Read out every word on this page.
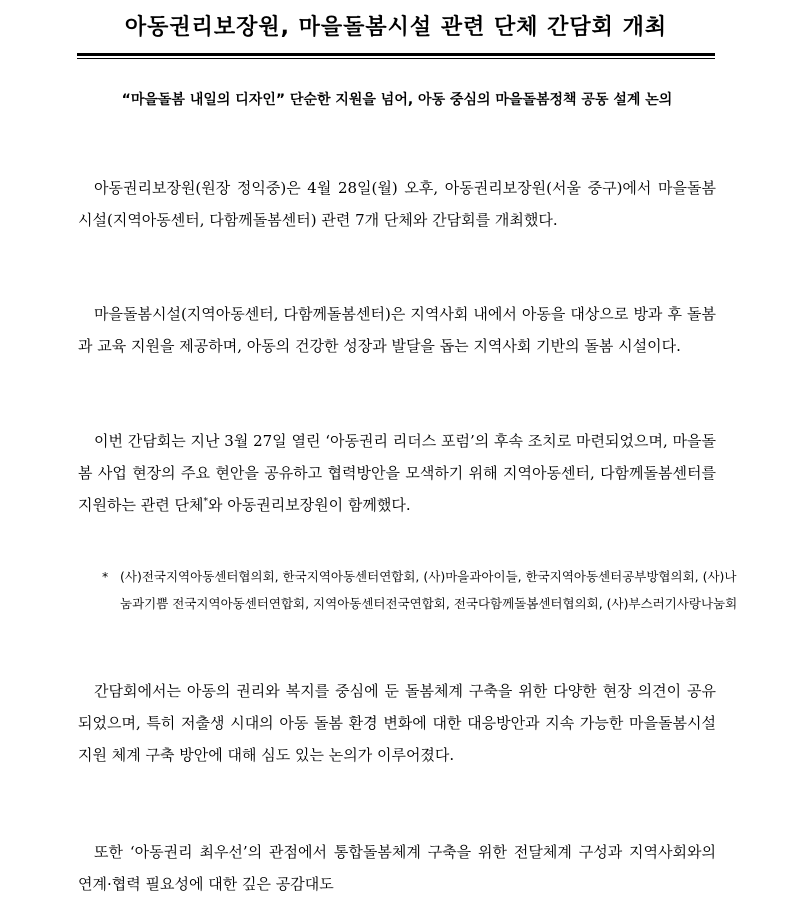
아동권리보장원, 마을돌봄시설 관련 단체 간담회 개최
“마을돌봄 내일의 디자인” 단순한 지원을 넘어, 아동 중심의 마을돌봄정책 공동 설계 논의

아동권리보장원(원장 정익중)은 4월 28일(월) 오후, 아동권리보장원(서울 중구)에서 마을돌봄시설(지역아동센터, 다함께돌봄센터) 관련 7개 단체와 간담회를 개최했다.

마을돌봄시설(지역아동센터, 다함께돌봄센터)은 지역사회 내에서 아동을 대상으로 방과 후 돌봄과 교육 지원을 제공하며, 아동의 건강한 성장과 발달을 돕는 지역사회 기반의 돌봄 시설이다.

이번 간담회는 지난 3월 27일 열린 ‘아동권리 리더스 포럼’의 후속 조치로 마련되었으며, 마을돌봄 사업 현장의 주요 현안을 공유하고 협력방안을 모색하기 위해 지역아동센터, 다함께돌봄센터를 지원하는 관련 단체*와 아동권리보장원이 함께했다.

* (사)전국지역아동센터협의회, 한국지역아동센터연합회, (사)마을과아이들, 한국지역아동센터공부방협의회, (사)나눔과기쁨 전국지역아동센터연합회, 지역아동센터전국연합회, 전국다함께돌봄센터협의회, (사)부스러기사랑나눔회

간담회에서는 아동의 권리와 복지를 중심에 둔 돌봄체계 구축을 위한 다양한 현장 의견이 공유되었으며, 특히 저출생 시대의 아동 돌봄 환경 변화에 대한 대응방안과 지속 가능한 마을돌봄시설 지원 체계 구축 방안에 대해 심도 있는 논의가 이루어졌다.

또한 ‘아동권리 최우선’의 관점에서 통합돌봄체계 구축을 위한 전달체계 구성과 지역사회와의 연계·협력 필요성에 대한 깊은 공감대도
